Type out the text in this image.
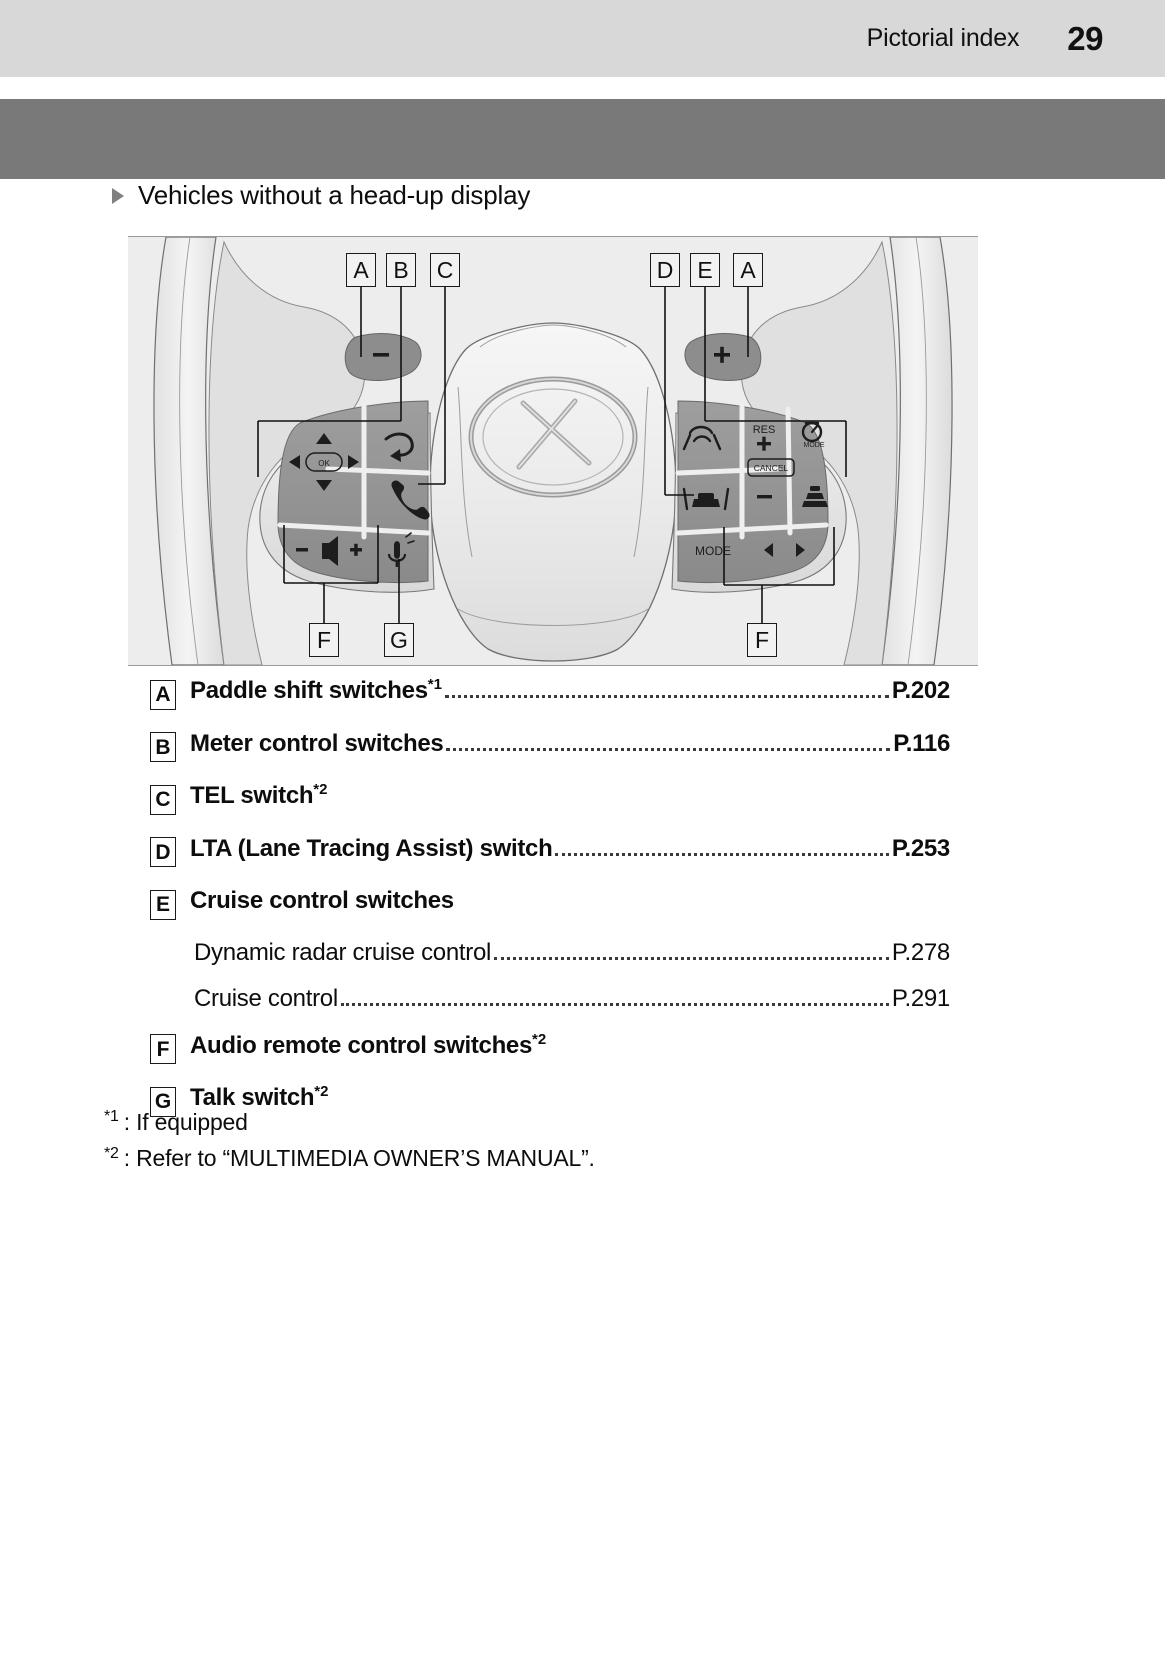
Pictorial index 29
Vehicles without a head-up display
OK
RES
CANCEL
MODE
MODE
A	B	C	D	E	A
F	G	F
A Paddle shift switches$^{*1}$	P.202
B Meter control switches	P.116
C TEL switch$^{*2}$
D LTA (Lane Tracing Assist) switch	P.253
E Cruise control switches
Dynamic radar cruise control	P.278
Cruise control	P.291
F Audio remote control switches$^{*2}$
G Talk switch$^{*2}$
$^{*1}$ : If equipped
$^{*2}$ : Refer to “MULTIMEDIA OWNER’S MANUAL”.
